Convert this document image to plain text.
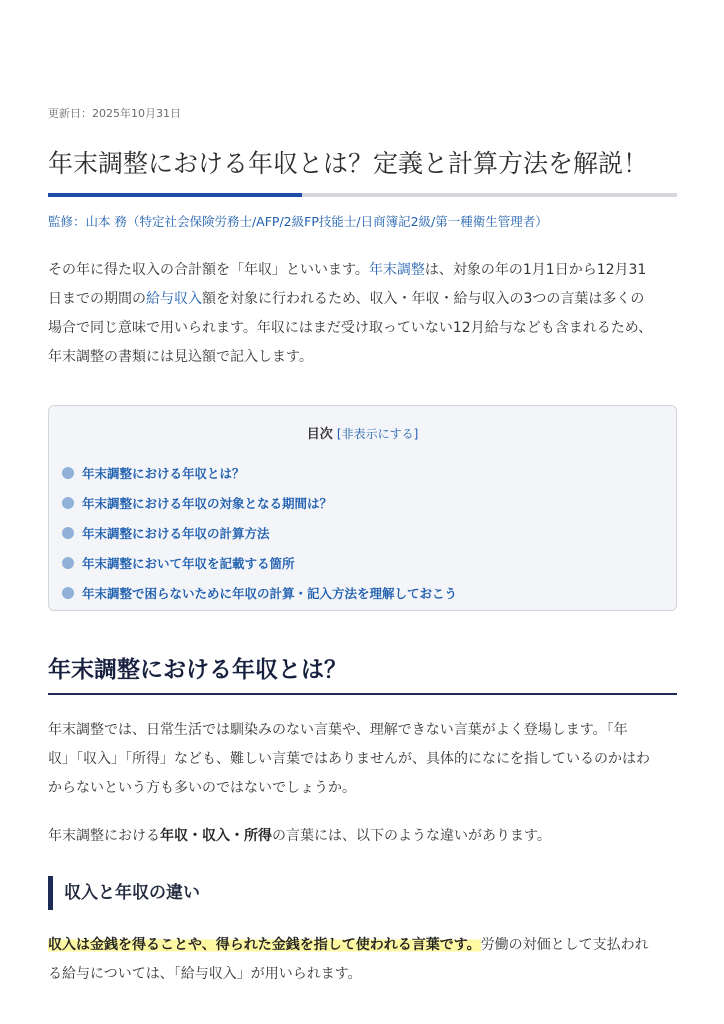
更新日：2025年10月31日
年末調整における年収とは？定義と計算方法を解説！
監修：山本 務（特定社会保険労務士/AFP/2級FP技能士/日商簿記2級/第一種衛生管理者）

その年に得た収入の合計額を「年収」といいます。年末調整は、対象の年の1月1日から12月31
日までの期間の給与収入額を対象に行われるため、収入・年収・給与収入の3つの言葉は多くの
場合で同じ意味で用いられます。年収にはまだ受け取っていない12月給与なども含まれるため、
年末調整の書類には見込額で記入します。

目次 [非表示にする]
年末調整における年収とは？
年末調整における年収の対象となる期間は？
年末調整における年収の計算方法
年末調整において年収を記載する箇所
年末調整で困らないために年収の計算・記入方法を理解しておこう
年末調整における年収とは？

年末調整では、日常生活では馴染みのない言葉や、理解できない言葉がよく登場します。「年
収」「収入」「所得」なども、難しい言葉ではありませんが、具体的になにを指しているのかはわ
からないという方も多いのではないでしょうか。

年末調整における年収・収入・所得の言葉には、以下のような違いがあります。

収入と年収の違い

収入は金銭を得ることや、得られた金銭を指して使われる言葉です。労働の対価として支払われ
る給与については、「給与収入」が用いられます。
